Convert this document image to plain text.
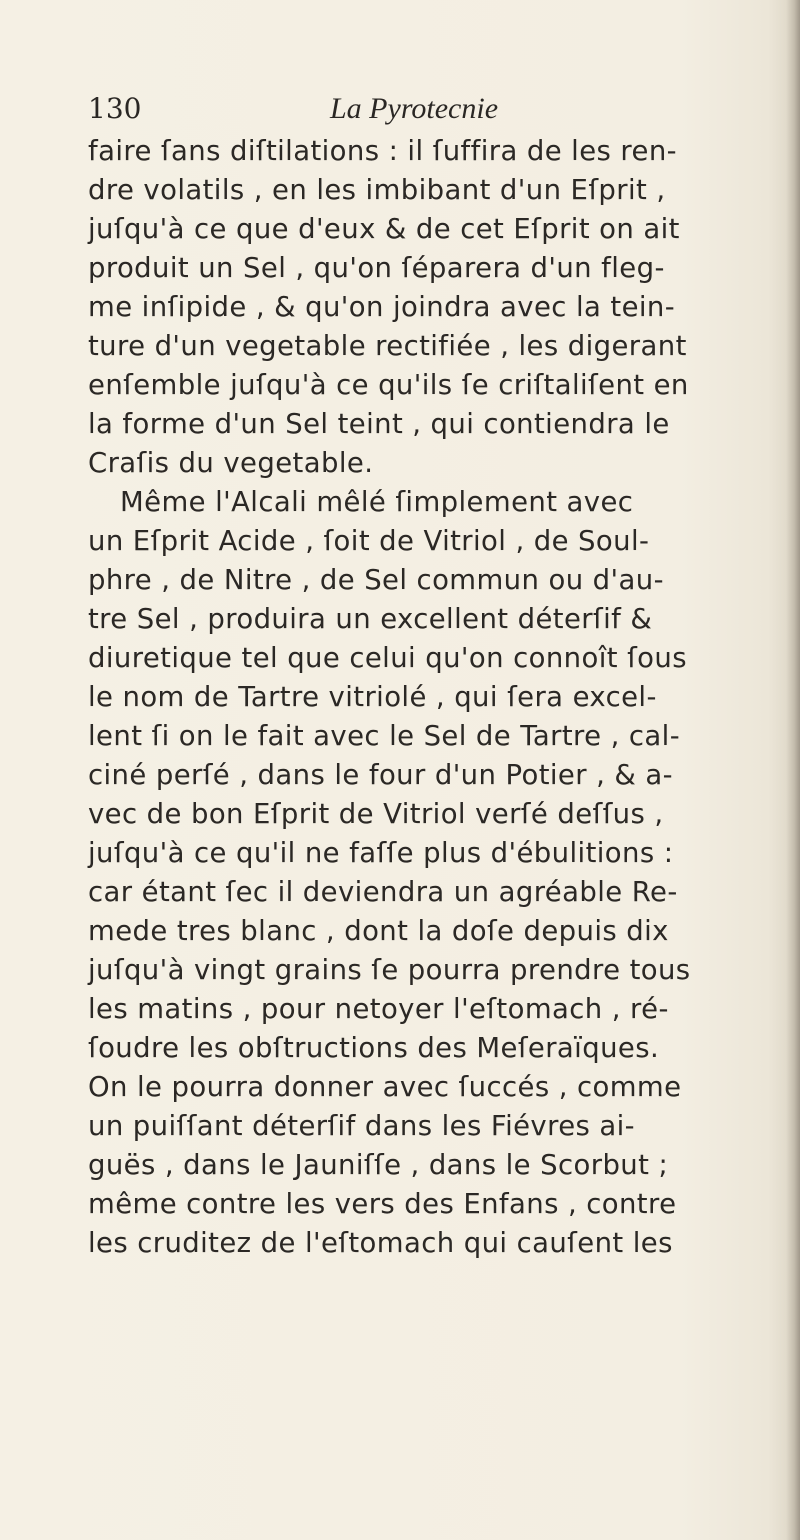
130	La Pyrotecnie
faire ſans diſtilations : il ſuffira de les ren-
dre volatils , en les imbibant d'un Eſprit ,
juſqu'à ce que d'eux & de cet Eſprit on ait
produit un Sel , qu'on ſéparera d'un fleg-
me inſipide , & qu'on joindra avec la tein-
ture d'un vegetable rectifiée , les digerant
enſemble juſqu'à ce qu'ils ſe criſtaliſent en
la forme d'un Sel teint , qui contiendra le
Craſis du vegetable.
Même l'Alcali mêlé ſimplement avec
un Eſprit Acide , ſoit de Vitriol , de Soul-
phre , de Nitre , de Sel commun ou d'au-
tre Sel , produira un excellent déterſif &
diuretique tel que celui qu'on connoît ſous
le nom de Tartre vitriolé , qui ſera excel-
lent ſi on le fait avec le Sel de Tartre , cal-
ciné perſé , dans le four d'un Potier , & a-
vec de bon Eſprit de Vitriol verſé deſſus ,
juſqu'à ce qu'il ne faſſe plus d'ébulitions :
car étant ſec il deviendra un agréable Re-
mede tres blanc , dont la doſe depuis dix
juſqu'à vingt grains ſe pourra prendre tous
les matins , pour netoyer l'eſtomach , ré-
ſoudre les obſtructions des Meſeraïques.
On le pourra donner avec ſuccés , comme
un puiſſant déterſif dans les Fiévres ai-
guës , dans le Jauniſſe , dans le Scorbut ;
même contre les vers des Enfans , contre
les cruditez de l'eſtomach qui cauſent les
